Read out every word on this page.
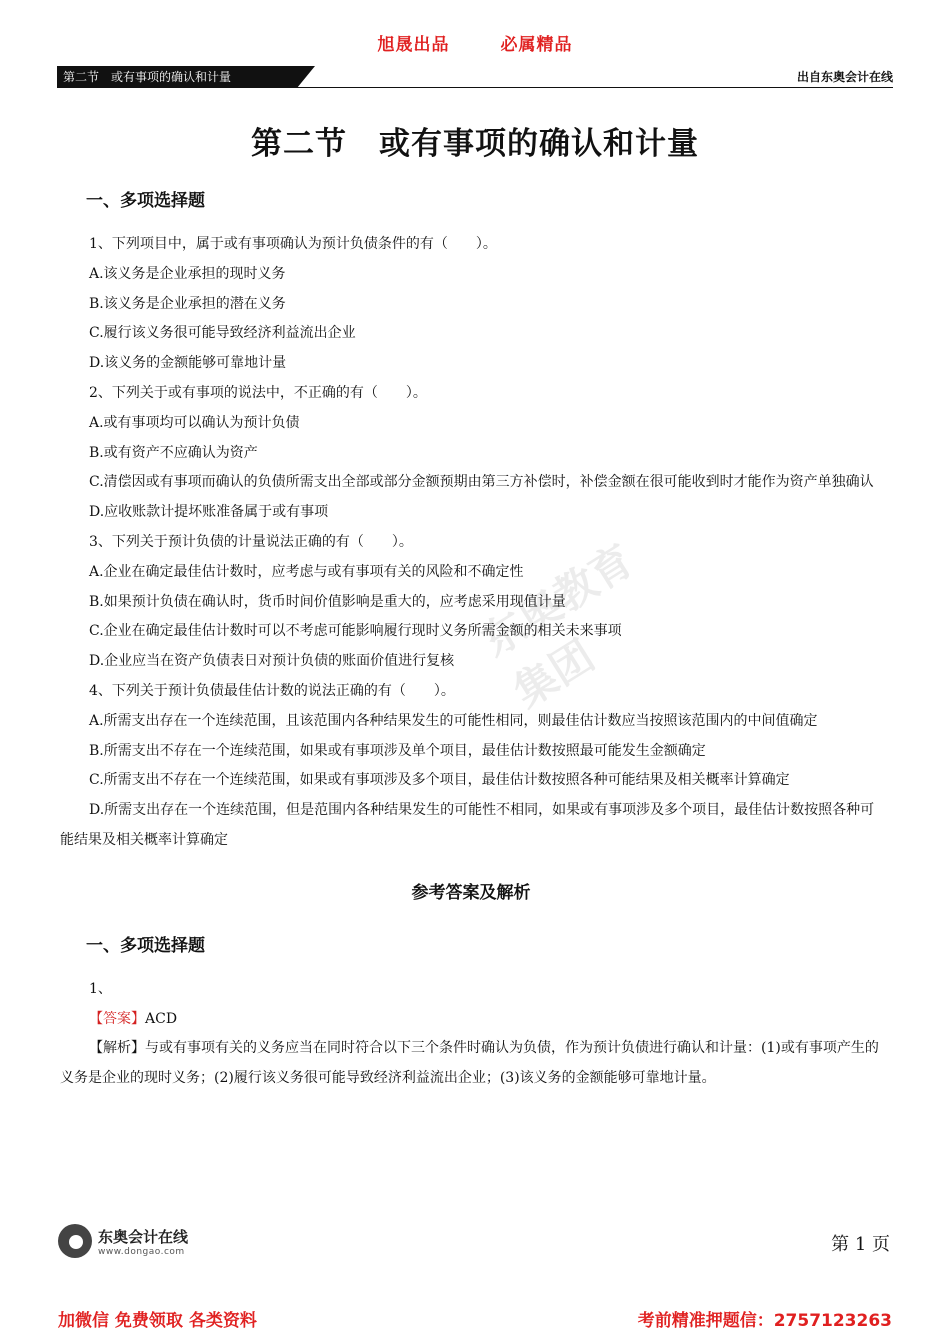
旭晟出品	必属精品
第二节　或有事项的确认和计量	出自东奥会计在线
第二节　或有事项的确认和计量
东奥教育集团
一、多项选择题

1、下列项目中，属于或有事项确认为预计负债条件的有（　　）。

A.该义务是企业承担的现时义务

B.该义务是企业承担的潜在义务

C.履行该义务很可能导致经济利益流出企业

D.该义务的金额能够可靠地计量

2、下列关于或有事项的说法中，不正确的有（　　）。

A.或有事项均可以确认为预计负债

B.或有资产不应确认为资产

C.清偿因或有事项而确认的负债所需支出全部或部分金额预期由第三方补偿时，补偿金额在很可能收到时才能作为资产单独确认

D.应收账款计提坏账准备属于或有事项

3、下列关于预计负债的计量说法正确的有（　　）。

A.企业在确定最佳估计数时，应考虑与或有事项有关的风险和不确定性

B.如果预计负债在确认时，货币时间价值影响是重大的，应考虑采用现值计量

C.企业在确定最佳估计数时可以不考虑可能影响履行现时义务所需金额的相关未来事项

D.企业应当在资产负债表日对预计负债的账面价值进行复核

4、下列关于预计负债最佳估计数的说法正确的有（　　）。

A.所需支出存在一个连续范围，且该范围内各种结果发生的可能性相同，则最佳估计数应当按照该范围内的中间值确定

B.所需支出不存在一个连续范围，如果或有事项涉及单个项目，最佳估计数按照最可能发生金额确定

C.所需支出不存在一个连续范围，如果或有事项涉及多个项目，最佳估计数按照各种可能结果及相关概率计算确定

D.所需支出存在一个连续范围，但是范围内各种结果发生的可能性不相同，如果或有事项涉及多个项目，最佳估计数按照各种可能结果及相关概率计算确定

参考答案及解析
一、多项选择题

1、

【答案】ACD

【解析】与或有事项有关的义务应当在同时符合以下三个条件时确认为负债，作为预计负债进行确认和计量：(1)或有事项产生的义务是企业的现时义务；(2)履行该义务很可能导致经济利益流出企业；(3)该义务的金额能够可靠地计量。

东奥会计在线
www.dongao.com	第 1 页
加微信 免费领取 各类资料	考前精准押题信：2757123263
